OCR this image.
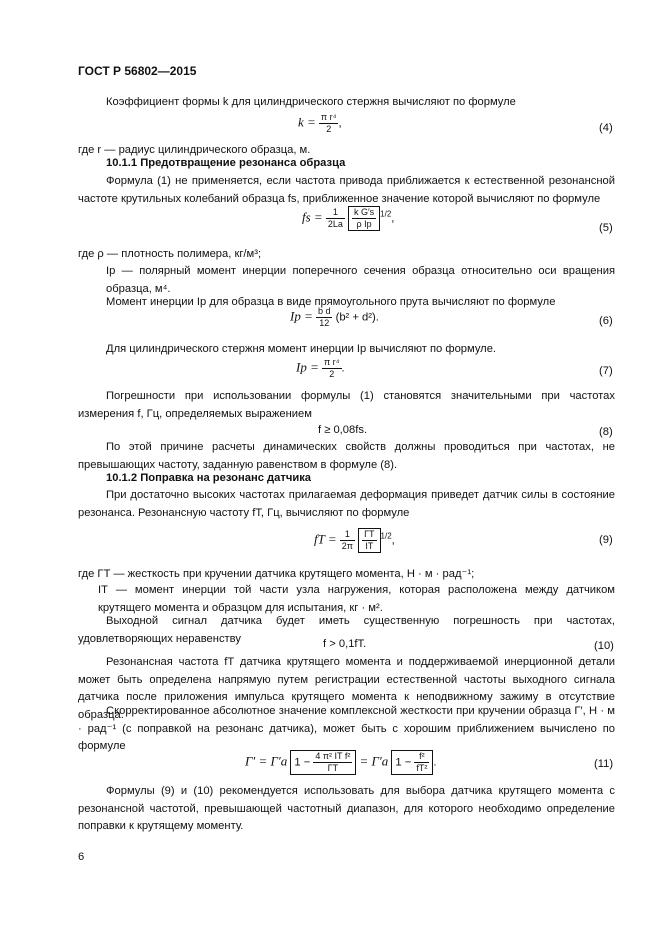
ГОСТ Р 56802—2015
Коэффициент формы k для цилиндрического стержня вычисляют по формуле
$k = \frac{\text{π r⁴}}{2}$ ,	(4)
где r — радиус цилиндрического образца, м.
10.1.1 Предотвращение резонанса образца
Формула (1) не применяется, если частота привода приближается к естественной резонансной частоте крутильных колебаний образца fs, приближенное значение которой вычисляют по формуле
fs = $\frac{1}{2La}$
$\frac{\text{k G′s}}{\text{ρ Ip}} ^{1/2}$,
(5)
где ρ — плотность полимера, кг/м³;
Ip — полярный момент инерции поперечного сечения образца относительно оси вращения образца, м⁴.
Момент инерции Ip для образца в виде прямоугольного прута вычисляют по формуле
$Ip = \frac{\text{b d}}{12} (b^2 + d^2)$.	(6)
Для цилиндрического стержня момент инерции Ip вычисляют по формуле.
$Ip = \frac{\text{π r⁴}}{2}$ .	(7)
Погрешности при использовании формулы (1) становятся значительными при частотах измерения f, Гц, определяемых выражением
f ≥ 0,08fs.	(8)
По этой причине расчеты динамических свойств должны проводиться при частотах, не превышающих частоту, заданную равенством в формуле (8).
10.1.2 Поправка на резонанс датчика
При достаточно высоких частотах прилагаемая деформация приведет датчик силы в состояние резонанса. Резонансную частоту fT, Гц, вычисляют по формуле
fT = $\frac{1}{2\pi}$
$\frac{\Gamma T}{IT} ^{1/2}$,	(9)
где ΓT — жесткость при кручении датчика крутящего момента, Н · м · рад⁻¹;
IT — момент инерции той части узла нагружения, которая расположена между датчиком крутящего момента и образцом для испытания, кг · м².
Выходной сигнал датчика будет иметь существенную погрешность при частотах, удовлетворяющих неравенству	f > 0,1fT.	(10)
Резонансная частота fT датчика крутящего момента и поддерживаемой инерционной детали может быть определена напрямую путем регистрации естественной частоты выходного сигнала датчика после приложения импульса крутящего момента к неподвижному зажиму в отсутствие образца.
Скорректированное абсолютное значение комплексной жесткости при кручении образца Γ′, Н · м · рад⁻¹ (с поправкой на резонанс датчика), может быть с хорошим приближением вычислено по формуле
Γ′ = Γ′a $1 - \frac{\text{4 π² IT f²}}{\Gamma T} = \Gamma'a$ $1 - \frac{\text{f²}}{\text{fT²}}$ .	(11)
Формулы (9) и (10) рекомендуется использовать для выбора датчика крутящего момента с резонансной частотой, превышающей частотный диапазон, для которого необходимо определение поправки к крутящему моменту.
6
